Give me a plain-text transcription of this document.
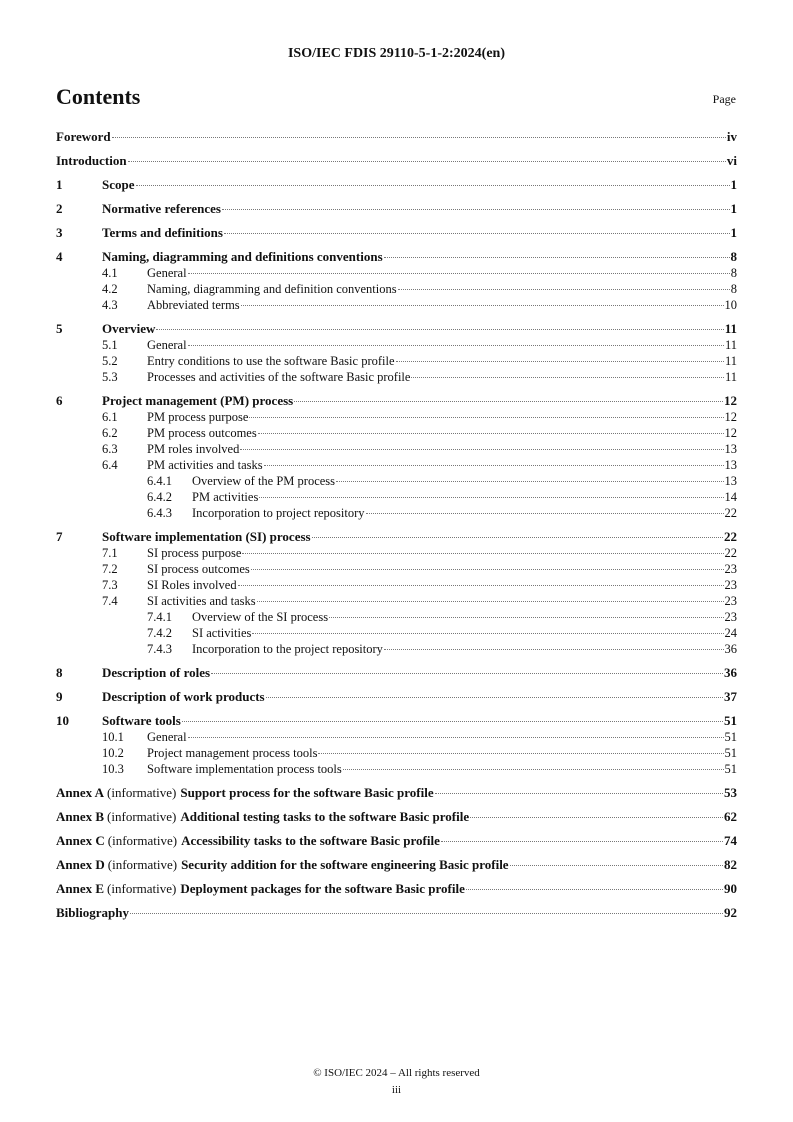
ISO/IEC FDIS 29110-5-1-2:2024(en)
Contents	Page
Foreword	iv
Introduction	vi
1	Scope	1
2	Normative references	1
3	Terms and definitions	1
4	Naming, diagramming and definitions conventions	8
4.1	General	8
4.2	Naming, diagramming and definition conventions	8
4.3	Abbreviated terms	10
5	Overview	11
5.1	General	11
5.2	Entry conditions to use the software Basic profile	11
5.3	Processes and activities of the software Basic profile	11
6	Project management (PM) process	12
6.1	PM process purpose	12
6.2	PM process outcomes	12
6.3	PM roles involved	13
6.4	PM activities and tasks	13
6.4.1	Overview of the PM process	13
6.4.2	PM activities	14
6.4.3	Incorporation to project repository	22
7	Software implementation (SI) process	22
7.1	SI process purpose	22
7.2	SI process outcomes	23
7.3	SI Roles involved	23
7.4	SI activities and tasks	23
7.4.1	Overview of the SI process	23
7.4.2	SI activities	24
7.4.3	Incorporation to the project repository	36
8	Description of roles	36
9	Description of work products	37
10	Software tools	51
10.1	General	51
10.2	Project management process tools	51
10.3	Software implementation process tools	51
Annex A (informative) Support process for the software Basic profile	53
Annex B (informative) Additional testing tasks to the software Basic profile	62
Annex C (informative) Accessibility tasks to the software Basic profile	74
Annex D (informative) Security addition for the software engineering Basic profile	82
Annex E (informative) Deployment packages for the software Basic profile	90
Bibliography	92
© ISO/IEC 2024 – All rights reserved
iii
